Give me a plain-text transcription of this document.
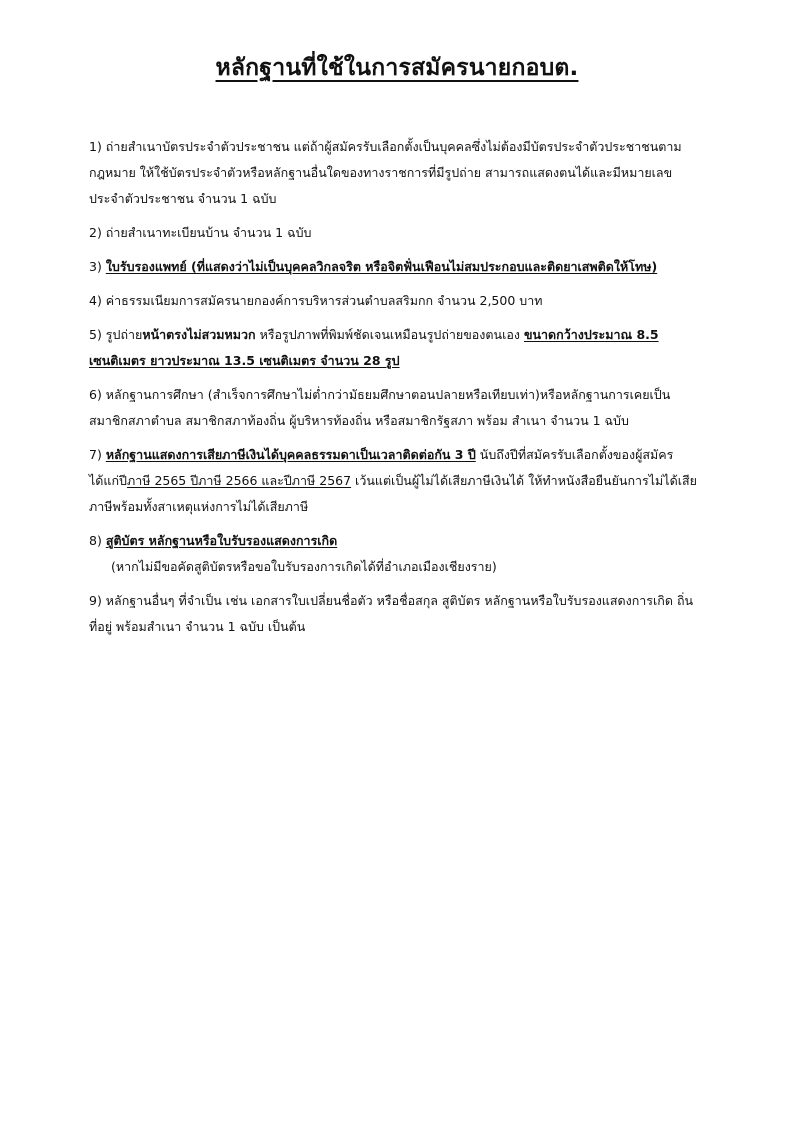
หลักฐานที่ใช้ในการสมัครนายกอบต.

1) ถ่ายสำเนาบัตรประจำตัวประชาชน แต่ถ้าผู้สมัครรับเลือกตั้งเป็นบุคคลซึ่งไม่ต้องมีบัตรประจำตัวประชาชนตามกฎหมาย ให้ใช้บัตรประจำตัวหรือหลักฐานอื่นใดของทางราชการที่มีรูปถ่าย สามารถแสดงตนได้และมีหมายเลขประจำตัวประชาชน จำนวน 1 ฉบับ

2) ถ่ายสำเนาทะเบียนบ้าน จำนวน 1 ฉบับ

3) ใบรับรองแพทย์ (ที่แสดงว่าไม่เป็นบุคคลวิกลจริต หรือจิตฟั่นเฟือนไม่สมประกอบและติดยาเสพติดให้โทษ)

4) ค่าธรรมเนียมการสมัครนายกองค์การบริหารส่วนตำบลสริมกก จำนวน 2,500 บาท

5) รูปถ่ายหน้าตรงไม่สวมหมวก หรือรูปภาพที่พิมพ์ชัดเจนเหมือนรูปถ่ายของตนเอง ขนาดกว้างประมาณ 8.5 เซนติเมตร ยาวประมาณ 13.5 เซนติเมตร จำนวน 28 รูป

6) หลักฐานการศึกษา (สำเร็จการศึกษาไม่ต่ำกว่ามัธยมศึกษาตอนปลายหรือเทียบเท่า)หรือหลักฐานการเคยเป็นสมาชิกสภาตำบล สมาชิกสภาท้องถิ่น ผู้บริหารท้องถิ่น หรือสมาชิกรัฐสภา พร้อม สำเนา จำนวน 1 ฉบับ

7) หลักฐานแสดงการเสียภาษีเงินได้บุคคลธรรมดาเป็นเวลาติดต่อกัน 3 ปี นับถึงปีที่สมัครรับเลือกตั้งของผู้สมัคร ได้แก่ปีภาษี 2565 ปีภาษี 2566 และปีภาษี 2567 เว้นแต่เป็นผู้ไม่ได้เสียภาษีเงินได้ ให้ทำหนังสือยืนยันการไม่ได้เสียภาษีพร้อมทั้งสาเหตุแห่งการไม่ได้เสียภาษี

8) สูติบัตร หลักฐานหรือใบรับรองแสดงการเกิด
(หากไม่มีขอคัดสูติบัตรหรือขอใบรับรองการเกิดได้ที่อำเภอเมืองเชียงราย)

9) หลักฐานอื่นๆ ที่จำเป็น เช่น เอกสารใบเปลี่ยนชื่อตัว หรือชื่อสกุล สูติบัตร หลักฐานหรือใบรับรองแสดงการเกิด ถิ่นที่อยู่ พร้อมสำเนา จำนวน 1 ฉบับ เป็นต้น
